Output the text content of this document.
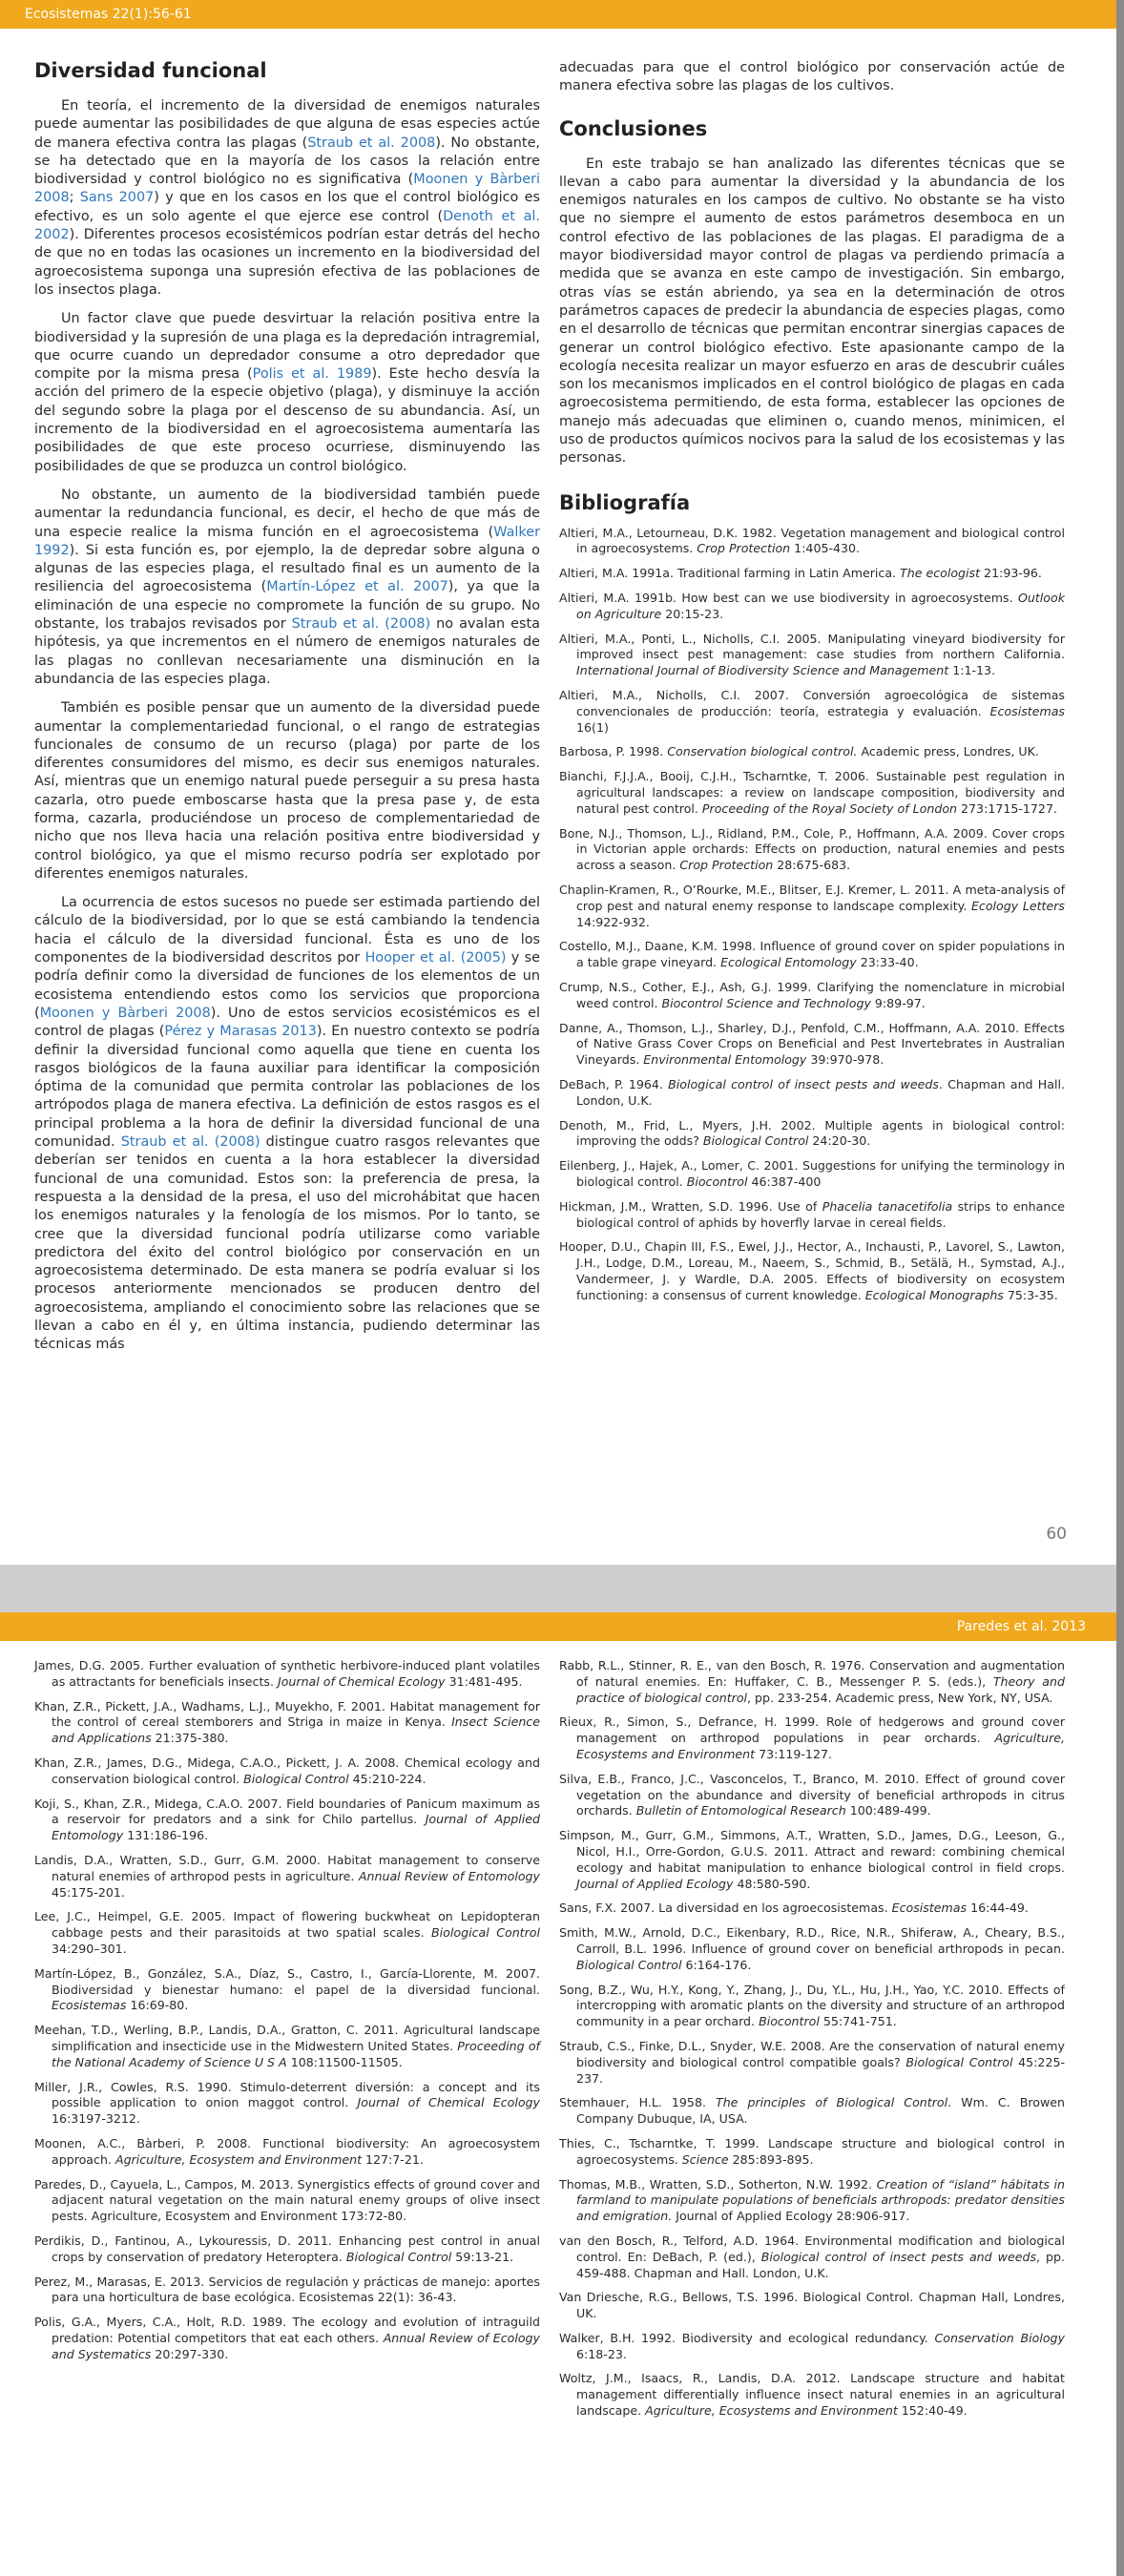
Ecosistemas 22(1):56-61
Diversidad funcional

En teoría, el incremento de la diversidad de enemigos naturales puede aumentar las posibilidades de que alguna de esas especies actúe de manera efectiva contra las plagas (Straub et al. 2008). No obstante, se ha detectado que en la mayoría de los casos la relación entre biodiversidad y control biológico no es significativa (Moonen y Bàrberi 2008; Sans 2007) y que en los casos en los que el control biológico es efectivo, es un solo agente el que ejerce ese control (Denoth et al. 2002). Diferentes procesos ecosistémicos podrían estar detrás del hecho de que no en todas las ocasiones un incremento en la biodiversidad del agroecosistema suponga una supresión efectiva de las poblaciones de los insectos plaga.

Un factor clave que puede desvirtuar la relación positiva entre la biodiversidad y la supresión de una plaga es la depredación intragremial, que ocurre cuando un depredador consume a otro depredador que compite por la misma presa (Polis et al. 1989). Este hecho desvía la acción del primero de la especie objetivo (plaga), y disminuye la acción del segundo sobre la plaga por el descenso de su abundancia. Así, un incremento de la biodiversidad en el agroecosistema aumentaría las posibilidades de que este proceso ocurriese, disminuyendo las posibilidades de que se produzca un control biológico.

No obstante, un aumento de la biodiversidad también puede aumentar la redundancia funcional, es decir, el hecho de que más de una especie realice la misma función en el agroecosistema (Walker 1992). Si esta función es, por ejemplo, la de depredar sobre alguna o algunas de las especies plaga, el resultado final es un aumento de la resiliencia del agroecosistema (Martín-López et al. 2007), ya que la eliminación de una especie no compromete la función de su grupo. No obstante, los trabajos revisados por Straub et al. (2008) no avalan esta hipótesis, ya que incrementos en el número de enemigos naturales de las plagas no conllevan necesariamente una disminución en la abundancia de las especies plaga.

También es posible pensar que un aumento de la diversidad puede aumentar la complementariedad funcional, o el rango de estrategias funcionales de consumo de un recurso (plaga) por parte de los diferentes consumidores del mismo, es decir sus enemigos naturales. Así, mientras que un enemigo natural puede perseguir a su presa hasta cazarla, otro puede emboscarse hasta que la presa pase y, de esta forma, cazarla, produciéndose un proceso de complementariedad de nicho que nos lleva hacia una relación positiva entre biodiversidad y control biológico, ya que el mismo recurso podría ser explotado por diferentes enemigos naturales.

La ocurrencia de estos sucesos no puede ser estimada partiendo del cálculo de la biodiversidad, por lo que se está cambiando la tendencia hacia el cálculo de la diversidad funcional. Ésta es uno de los componentes de la biodiversidad descritos por Hooper et al. (2005) y se podría definir como la diversidad de funciones de los elementos de un ecosistema entendiendo estos como los servicios que proporciona (Moonen y Bàrberi 2008). Uno de estos servicios ecosistémicos es el control de plagas (Pérez y Marasas 2013). En nuestro contexto se podría definir la diversidad funcional como aquella que tiene en cuenta los rasgos biológicos de la fauna auxiliar para identificar la composición óptima de la comunidad que permita controlar las poblaciones de los artrópodos plaga de manera efectiva. La definición de estos rasgos es el principal problema a la hora de definir la diversidad funcional de una comunidad. Straub et al. (2008) distingue cuatro rasgos relevantes que deberían ser tenidos en cuenta a la hora establecer la diversidad funcional de una comunidad. Estos son: la preferencia de presa, la respuesta a la densidad de la presa, el uso del microhábitat que hacen los enemigos naturales y la fenología de los mismos. Por lo tanto, se cree que la diversidad funcional podría utilizarse como variable predictora del éxito del control biológico por conservación en un agroecosistema determinado. De esta manera se podría evaluar si los procesos anteriormente mencionados se producen dentro del agroecosistema, ampliando el conocimiento sobre las relaciones que se llevan a cabo en él y, en última instancia, pudiendo determinar las técnicas más

adecuadas para que el control biológico por conservación actúe de manera efectiva sobre las plagas de los cultivos.

Conclusiones

En este trabajo se han analizado las diferentes técnicas que se llevan a cabo para aumentar la diversidad y la abundancia de los enemigos naturales en los campos de cultivo. No obstante se ha visto que no siempre el aumento de estos parámetros desemboca en un control efectivo de las poblaciones de las plagas. El paradigma de a mayor biodiversidad mayor control de plagas va perdiendo primacía a medida que se avanza en este campo de investigación. Sin embargo, otras vías se están abriendo, ya sea en la determinación de otros parámetros capaces de predecir la abundancia de especies plagas, como en el desarrollo de técnicas que permitan encontrar sinergias capaces de generar un control biológico efectivo. Este apasionante campo de la ecología necesita realizar un mayor esfuerzo en aras de descubrir cuáles son los mecanismos implicados en el control biológico de plagas en cada agroecosistema permitiendo, de esta forma, establecer las opciones de manejo más adecuadas que eliminen o, cuando menos, minimicen, el uso de productos químicos nocivos para la salud de los ecosistemas y las personas.

Bibliografía
Altieri, M.A., Letourneau, D.K. 1982. Vegetation management and biological control in agroecosystems. Crop Protection 1:405-430.
Altieri, M.A. 1991a. Traditional farming in Latin America. The ecologist 21:93-96.
Altieri, M.A. 1991b. How best can we use biodiversity in agroecosystems. Outlook on Agriculture 20:15-23.
Altieri, M.A., Ponti, L., Nicholls, C.I. 2005. Manipulating vineyard biodiversity for improved insect pest management: case studies from northern California. International Journal of Biodiversity Science and Management 1:1-13.
Altieri, M.A., Nicholls, C.I. 2007. Conversión agroecológica de sistemas convencionales de producción: teoría, estrategia y evaluación. Ecosistemas 16(1)
Barbosa, P. 1998. Conservation biological control. Academic press, Londres, UK.
Bianchi, F.J.J.A., Booij, C.J.H., Tscharntke, T. 2006. Sustainable pest regulation in agricultural landscapes: a review on landscape composition, biodiversity and natural pest control. Proceeding of the Royal Society of London 273:1715-1727.
Bone, N.J., Thomson, L.J., Ridland, P.M., Cole, P., Hoffmann, A.A. 2009. Cover crops in Victorian apple orchards: Effects on production, natural enemies and pests across a season. Crop Protection 28:675-683.
Chaplin-Kramen, R., O’Rourke, M.E., Blitser, E.J. Kremer, L. 2011. A meta-analysis of crop pest and natural enemy response to landscape complexity. Ecology Letters 14:922-932.
Costello, M.J., Daane, K.M. 1998. Influence of ground cover on spider populations in a table grape vineyard. Ecological Entomology 23:33-40.
Crump, N.S., Cother, E.J., Ash, G.J. 1999. Clarifying the nomenclature in microbial weed control. Biocontrol Science and Technology 9:89-97.
Danne, A., Thomson, L.J., Sharley, D.J., Penfold, C.M., Hoffmann, A.A. 2010. Effects of Native Grass Cover Crops on Beneficial and Pest Invertebrates in Australian Vineyards. Environmental Entomology 39:970-978.
DeBach, P. 1964. Biological control of insect pests and weeds. Chapman and Hall. London, U.K.
Denoth, M., Frid, L., Myers, J.H. 2002. Multiple agents in biological control: improving the odds? Biological Control 24:20-30.
Eilenberg, J., Hajek, A., Lomer, C. 2001. Suggestions for unifying the terminology in biological control. Biocontrol 46:387-400
Hickman, J.M., Wratten, S.D. 1996. Use of Phacelia tanacetifolia strips to enhance biological control of aphids by hoverfly larvae in cereal fields.
Hooper, D.U., Chapin III, F.S., Ewel, J.J., Hector, A., Inchausti, P., Lavorel, S., Lawton, J.H., Lodge, D.M., Loreau, M., Naeem, S., Schmid, B., Setälä, H., Symstad, A.J., Vandermeer, J. y Wardle, D.A. 2005. Effects of biodiversity on ecosystem functioning: a consensus of current knowledge. Ecological Monographs 75:3-35.
60
Paredes et al. 2013
James, D.G. 2005. Further evaluation of synthetic herbivore-induced plant volatiles as attractants for beneficials insects. Journal of Chemical Ecology 31:481-495.
Khan, Z.R., Pickett, J.A., Wadhams, L.J., Muyekho, F. 2001. Habitat management for the control of cereal stemborers and Striga in maize in Kenya. Insect Science and Applications 21:375-380.
Khan, Z.R., James, D.G., Midega, C.A.O., Pickett, J. A. 2008. Chemical ecology and conservation biological control. Biological Control 45:210-224.
Koji, S., Khan, Z.R., Midega, C.A.O. 2007. Field boundaries of Panicum maximum as a reservoir for predators and a sink for Chilo partellus. Journal of Applied Entomology 131:186-196.
Landis, D.A., Wratten, S.D., Gurr, G.M. 2000. Habitat management to conserve natural enemies of arthropod pests in agriculture. Annual Review of Entomology 45:175-201.
Lee, J.C., Heimpel, G.E. 2005. Impact of flowering buckwheat on Lepidopteran cabbage pests and their parasitoids at two spatial scales. Biological Control 34:290–301.
Martín-López, B., González, S.A., Díaz, S., Castro, I., García-Llorente, M. 2007. Biodiversidad y bienestar humano: el papel de la diversidad funcional. Ecosistemas 16:69-80.
Meehan, T.D., Werling, B.P., Landis, D.A., Gratton, C. 2011. Agricultural landscape simplification and insecticide use in the Midwestern United States. Proceeding of the National Academy of Science U S A 108:11500-11505.
Miller, J.R., Cowles, R.S. 1990. Stimulo-deterrent diversión: a concept and its possible application to onion maggot control. Journal of Chemical Ecology 16:3197-3212.
Moonen, A.C., Bàrberi, P. 2008. Functional biodiversity: An agroecosystem approach. Agriculture, Ecosystem and Environment 127:7-21.
Paredes, D., Cayuela, L., Campos, M. 2013. Synergistics effects of ground cover and adjacent natural vegetation on the main natural enemy groups of olive insect pests. Agriculture, Ecosystem and Environment 173:72-80.
Perdikis, D., Fantinou, A., Lykouressis, D. 2011. Enhancing pest control in anual crops by conservation of predatory Heteroptera. Biological Control 59:13-21.
Perez, M., Marasas, E. 2013. Servicios de regulación y prácticas de manejo: aportes para una horticultura de base ecológica. Ecosistemas 22(1): 36-43.
Polis, G.A., Myers, C.A., Holt, R.D. 1989. The ecology and evolution of intraguild predation: Potential competitors that eat each others. Annual Review of Ecology and Systematics 20:297-330.
Rabb, R.L., Stinner, R. E., van den Bosch, R. 1976. Conservation and augmentation of natural enemies. En: Huffaker, C. B., Messenger P. S. (eds.), Theory and practice of biological control, pp. 233-254. Academic press, New York, NY, USA.
Rieux, R., Simon, S., Defrance, H. 1999. Role of hedgerows and ground cover management on arthropod populations in pear orchards. Agriculture, Ecosystems and Environment 73:119-127.
Silva, E.B., Franco, J.C., Vasconcelos, T., Branco, M. 2010. Effect of ground cover vegetation on the abundance and diversity of beneficial arthropods in citrus orchards. Bulletin of Entomological Research 100:489-499.
Simpson, M., Gurr, G.M., Simmons, A.T., Wratten, S.D., James, D.G., Leeson, G., Nicol, H.I., Orre-Gordon, G.U.S. 2011. Attract and reward: combining chemical ecology and habitat manipulation to enhance biological control in field crops. Journal of Applied Ecology 48:580-590.
Sans, F.X. 2007. La diversidad en los agroecosistemas. Ecosistemas 16:44-49.
Smith, M.W., Arnold, D.C., Eikenbary, R.D., Rice, N.R., Shiferaw, A., Cheary, B.S., Carroll, B.L. 1996. Influence of ground cover on beneficial arthropods in pecan. Biological Control 6:164-176.
Song, B.Z., Wu, H.Y., Kong, Y., Zhang, J., Du, Y.L., Hu, J.H., Yao, Y.C. 2010. Effects of intercropping with aromatic plants on the diversity and structure of an arthropod community in a pear orchard. Biocontrol 55:741-751.
Straub, C.S., Finke, D.L., Snyder, W.E. 2008. Are the conservation of natural enemy biodiversity and biological control compatible goals? Biological Control 45:225-237.
Stemhauer, H.L. 1958. The principles of Biological Control. Wm. C. Browen Company Dubuque, IA, USA.
Thies, C., Tscharntke, T. 1999. Landscape structure and biological control in agroecosystems. Science 285:893-895.
Thomas, M.B., Wratten, S.D., Sotherton, N.W. 1992. Creation of “island” hábitats in farmland to manipulate populations of beneficials arthropods: predator densities and emigration. Journal of Applied Ecology 28:906-917.
van den Bosch, R., Telford, A.D. 1964. Environmental modification and biological control. En: DeBach, P. (ed.), Biological control of insect pests and weeds, pp. 459-488. Chapman and Hall. London, U.K.
Van Driesche, R.G., Bellows, T.S. 1996. Biological Control. Chapman Hall, Londres, UK.
Walker, B.H. 1992. Biodiversity and ecological redundancy. Conservation Biology 6:18-23.
Woltz, J.M., Isaacs, R., Landis, D.A. 2012. Landscape structure and habitat management differentially influence insect natural enemies in an agricultural landscape. Agriculture, Ecosystems and Environment 152:40-49.
